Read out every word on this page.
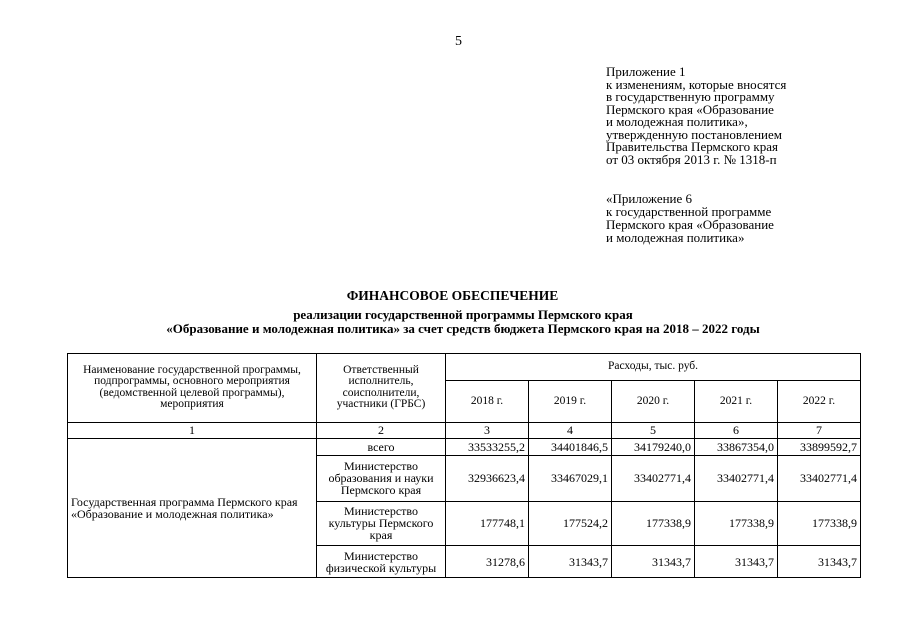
5
Приложение 1
к изменениям, которые вносятся
в государственную программу
Пермского края «Образование
и молодежная политика»,
утвержденную постановлением
Правительства Пермского края
от 03 октября 2013 г. № 1318-п
«Приложение 6
к государственной программе
Пермского края «Образование
и молодежная политика»
ФИНАНСОВОЕ ОБЕСПЕЧЕНИЕ
реализации государственной программы Пермского края
«Образование и молодежная политика» за счет средств бюджета Пермского края на 2018 – 2022 годы
Наименование государственной программы, подпрограммы, основного мероприятия (ведомственной целевой программы), мероприятия	Ответственный исполнитель, соисполнители, участники (ГРБС)	Расходы, тыс. руб.				
		2018 г.	2019 г.	2020 г.	2021 г.	2022 г.
1	2	3	4	5	6	7
Государственная программа Пермского края «Образование и молодежная политика»	всего	33533255,2	34401846,5	34179240,0	33867354,0	33899592,7
	Министерство образования и науки Пермского края	32936623,4	33467029,1	33402771,4	33402771,4	33402771,4
	Министерство культуры Пермского края	177748,1	177524,2	177338,9	177338,9	177338,9
	Министерство физической культуры	31278,6	31343,7	31343,7	31343,7	31343,7
